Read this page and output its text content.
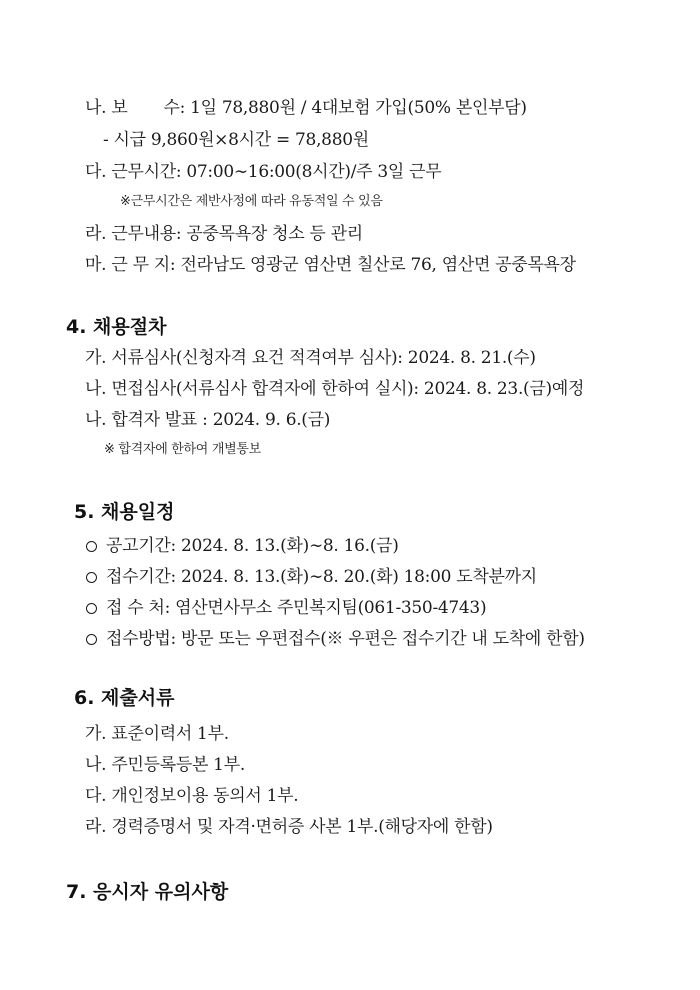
나. 보 수: 1일 78,880원 / 4대보험 가입(50% 본인부담)
- 시급 9,860원×8시간 = 78,880원
다. 근무시간: 07:00∼16:00(8시간)/주 3일 근무
※근무시간은 제반사정에 따라 유동적일 수 있음
라. 근무내용: 공중목욕장 청소 등 관리
마. 근 무 지: 전라남도 영광군 염산면 칠산로 76, 염산면 공중목욕장
4. 채용절차
가. 서류심사(신청자격 요건 적격여부 심사): 2024. 8. 21.(수)
나. 면접심사(서류심사 합격자에 한하여 실시): 2024. 8. 23.(금)예정
나. 합격자 발표 : 2024. 9. 6.(금)
※ 합격자에 한하여 개별통보
5. 채용일정
공고기간: 2024. 8. 13.(화)∼8. 16.(금)
접수기간: 2024. 8. 13.(화)∼8. 20.(화) 18:00 도착분까지
접 수 처: 염산면사무소 주민복지팀(061-350-4743)
접수방법: 방문 또는 우편접수(※ 우편은 접수기간 내 도착에 한함)
6. 제출서류
가. 표준이력서 1부.
나. 주민등록등본 1부.
다. 개인정보이용 동의서 1부.
라. 경력증명서 및 자격·면허증 사본 1부.(해당자에 한함)
7. 응시자 유의사항
